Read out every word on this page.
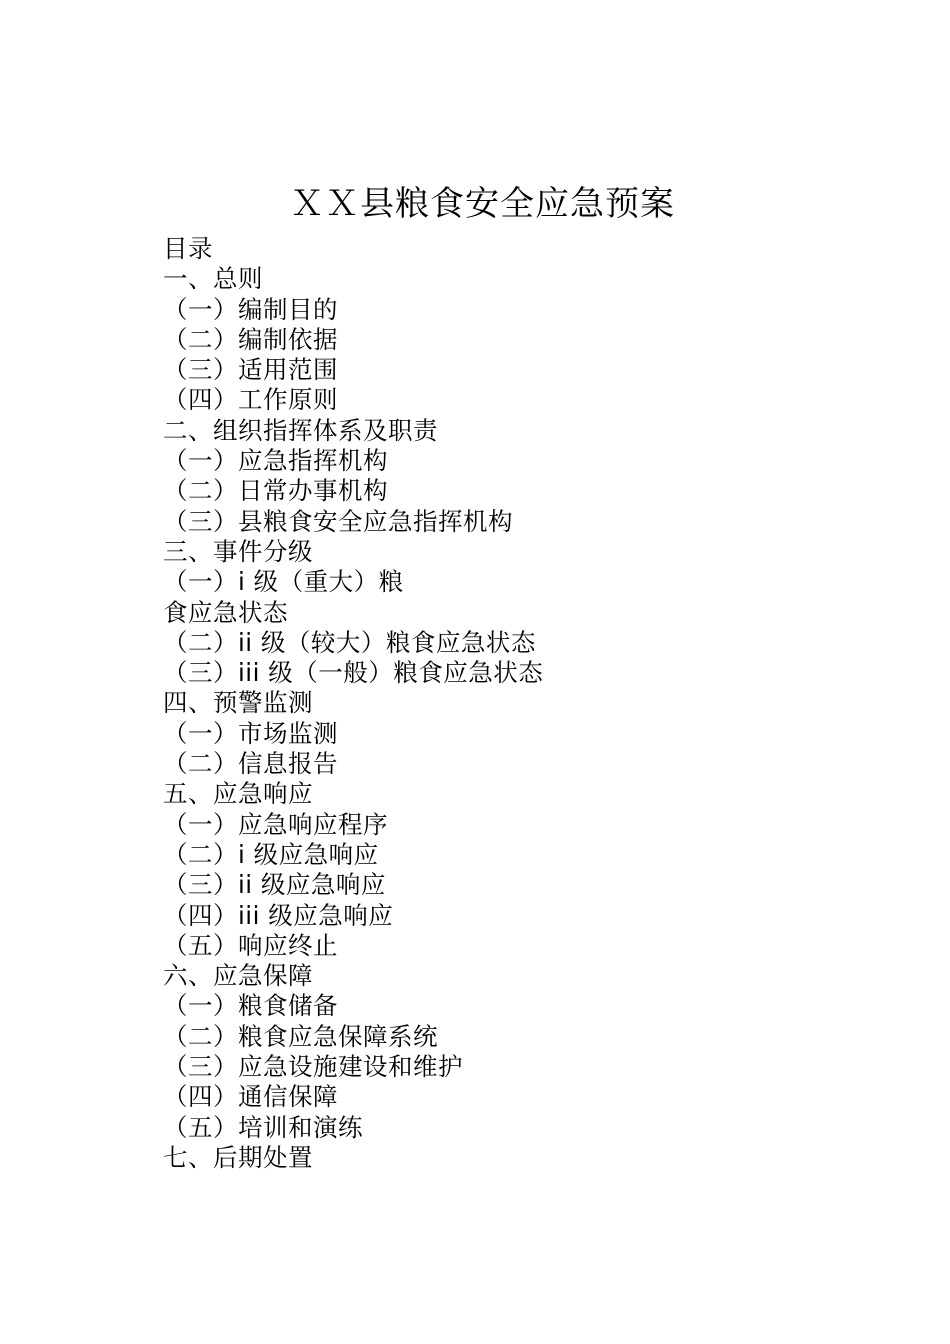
ＸＸ县粮食安全应急预案
目录
一、总则
（一）编制目的
（二）编制依据
（三）适用范围
（四）工作原则
二、组织指挥体系及职责
（一）应急指挥机构
（二）日常办事机构
（三）县粮食安全应急指挥机构
三、事件分级
（一）i 级（重大）粮
食应急状态
（二）ii 级（较大）粮食应急状态
（三）iii 级（一般）粮食应急状态
四、预警监测
（一）市场监测
（二）信息报告
五、应急响应
（一）应急响应程序
（二）i 级应急响应
（三）ii 级应急响应
（四）iii 级应急响应
（五）响应终止
六、应急保障
（一）粮食储备
（二）粮食应急保障系统
（三）应急设施建设和维护
（四）通信保障
（五）培训和演练
七、后期处置
